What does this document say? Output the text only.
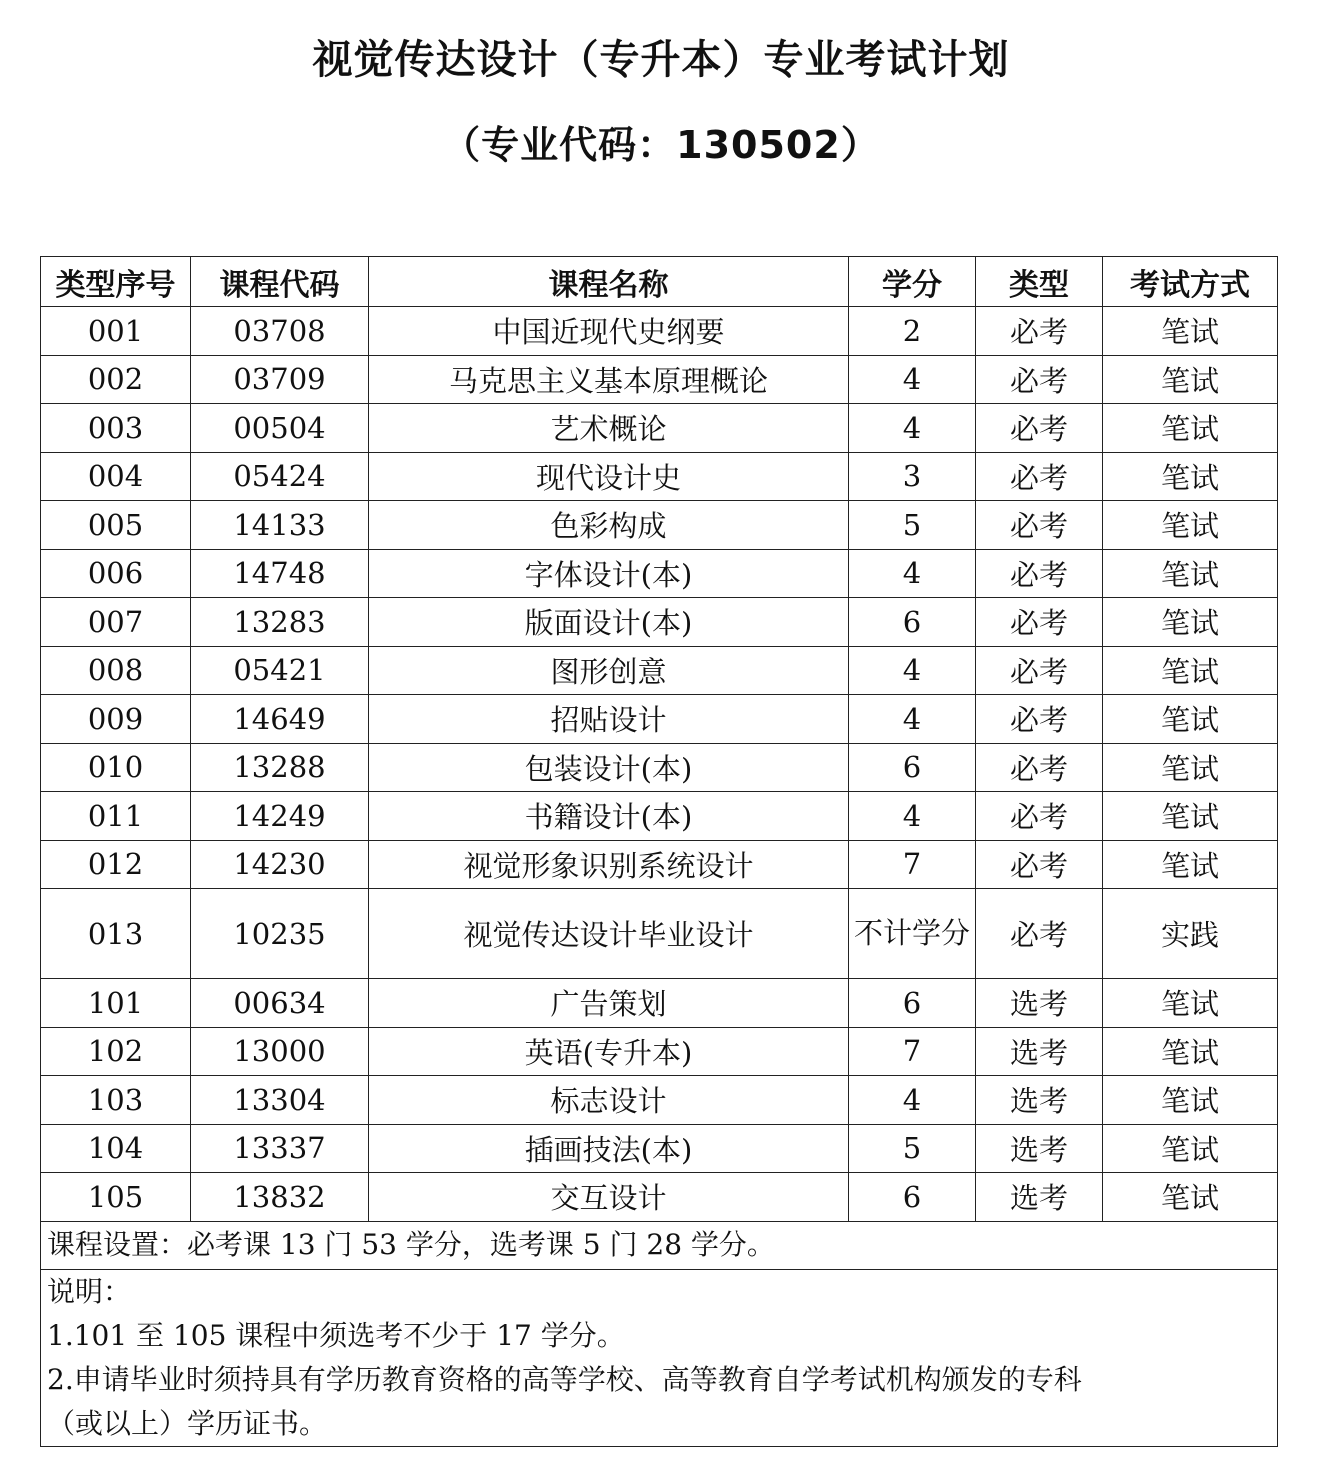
视觉传达设计（专升本）专业考试计划
（专业代码：130502）
类型序号	课程代码	课程名称	学分	类型	考试方式
001	03708	中国近现代史纲要	2	必考	笔试
002	03709	马克思主义基本原理概论	4	必考	笔试
003	00504	艺术概论	4	必考	笔试
004	05424	现代设计史	3	必考	笔试
005	14133	色彩构成	5	必考	笔试
006	14748	字体设计(本)	4	必考	笔试
007	13283	版面设计(本)	6	必考	笔试
008	05421	图形创意	4	必考	笔试
009	14649	招贴设计	4	必考	笔试
010	13288	包装设计(本)	6	必考	笔试
011	14249	书籍设计(本)	4	必考	笔试
012	14230	视觉形象识别系统设计	7	必考	笔试
013	10235	视觉传达设计毕业设计	不计学分	必考	实践
101	00634	广告策划	6	选考	笔试
102	13000	英语(专升本)	7	选考	笔试
103	13304	标志设计	4	选考	笔试
104	13337	插画技法(本)	5	选考	笔试
105	13832	交互设计	6	选考	笔试
课程设置：必考课 13 门 53 学分，选考课 5 门 28 学分。					

说明：
1.101 至 105 课程中须选考不少于 17 学分。
2.申请毕业时须持具有学历教育资格的高等学校、高等教育自学考试机构颁发的专科
（或以上）学历证书。					
